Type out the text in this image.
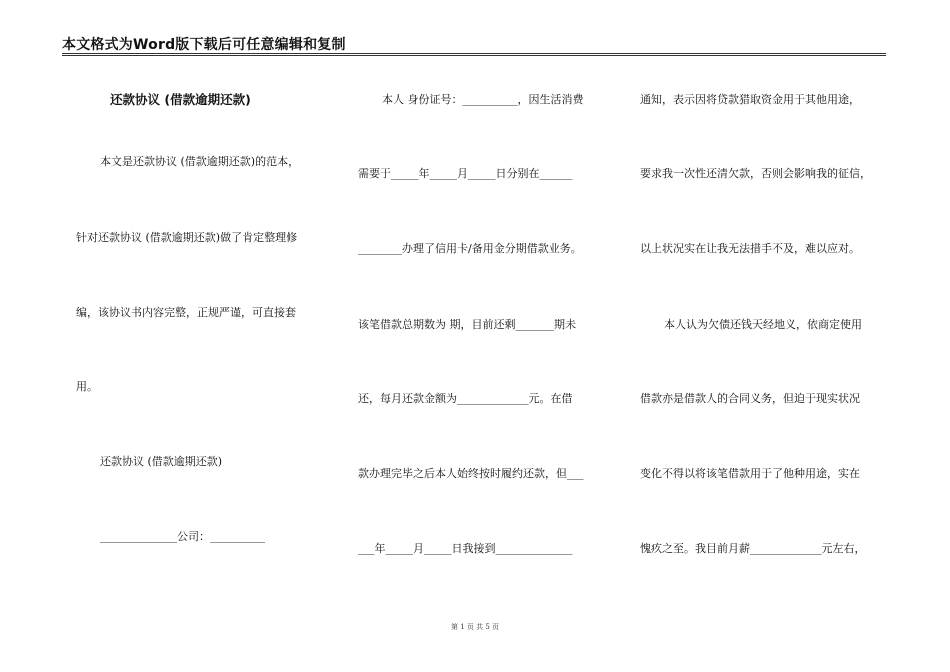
本文格式为Word版下载后可任意编辑和复制
还款协议 (借款逾期还款)
本文是还款协议 (借款逾期还款)的范本，
针对还款协议 (借款逾期还款)做了肯定整理修
编，该协议书内容完整，正规严谨，可直接套
用。
还款协议 (借款逾期还款)
______________公司：__________
本人 身份证号：__________，因生活消费
需要于_____年_____月_____日分别在______
________办理了信用卡/备用金分期借款业务。
该笔借款总期数为 期，目前还剩_______期未
还，每月还款金额为_____________元。在借
款办理完毕之后本人始终按时履约还款，但___
___年_____月_____日我接到______________
通知，表示因将贷款猎取资金用于其他用途，
要求我一次性还清欠款，否则会影响我的征信，
以上状况实在让我无法措手不及，难以应对。
本人认为欠债还钱天经地义，依商定使用
借款亦是借款人的合同义务，但迫于现实状况
变化不得以将该笔借款用于了他种用途，实在
愧疚之至。我目前月薪_____________元左右，
第 1 页 共 5 页
